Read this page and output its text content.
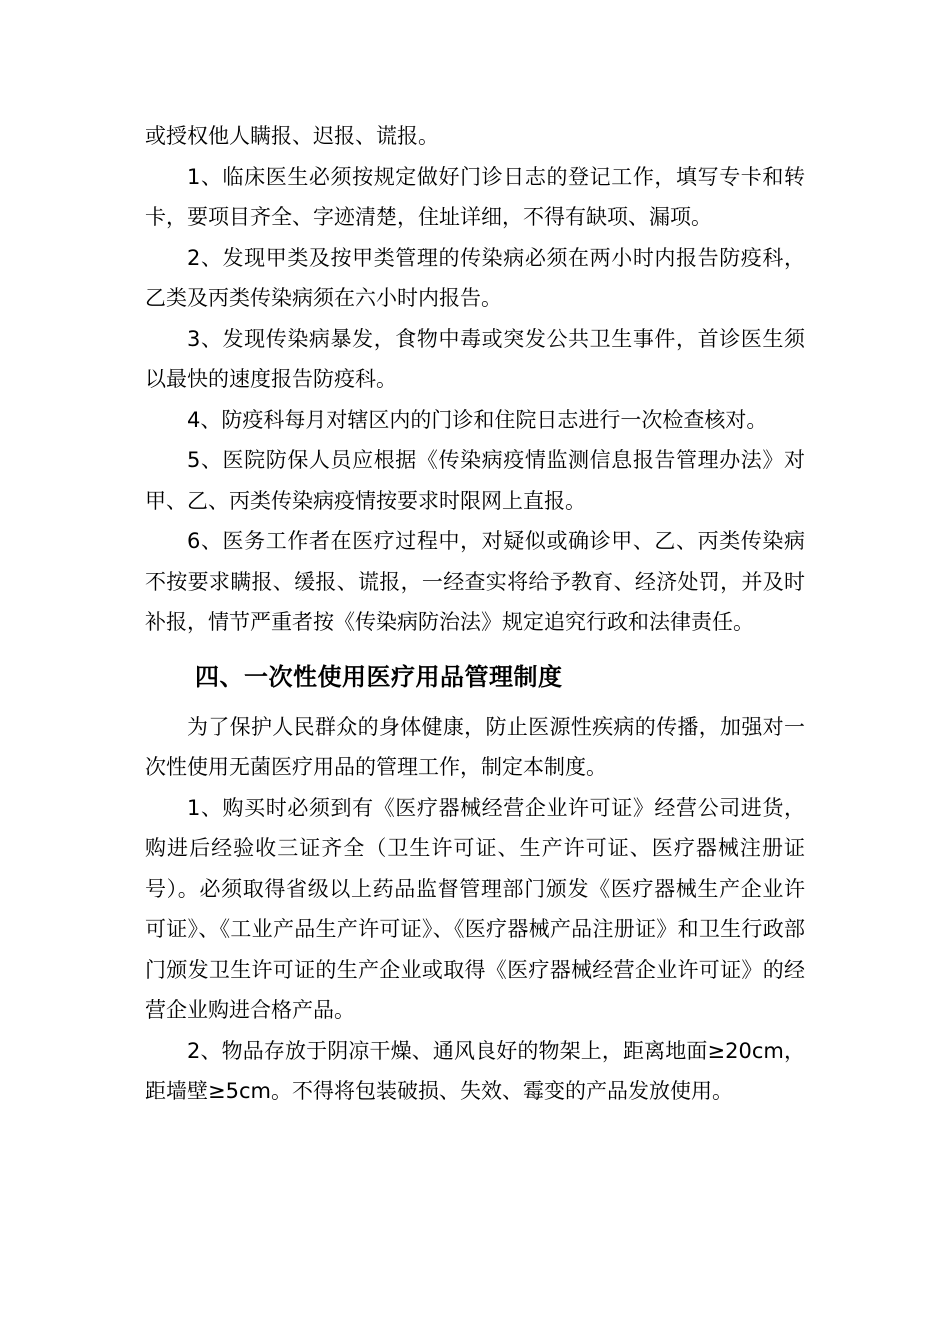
或授权他人瞒报、迟报、谎报。

1、临床医生必须按规定做好门诊日志的登记工作，填写专卡和转卡，要项目齐全、字迹清楚，住址详细，不得有缺项、漏项。

2、发现甲类及按甲类管理的传染病必须在两小时内报告防疫科，乙类及丙类传染病须在六小时内报告。

3、发现传染病暴发，食物中毒或突发公共卫生事件，首诊医生须以最快的速度报告防疫科。

4、防疫科每月对辖区内的门诊和住院日志进行一次检查核对。

5、医院防保人员应根据《传染病疫情监测信息报告管理办法》对甲、乙、丙类传染病疫情按要求时限网上直报。

6、医务工作者在医疗过程中，对疑似或确诊甲、乙、丙类传染病不按要求瞒报、缓报、谎报，一经查实将给予教育、经济处罚，并及时补报，情节严重者按《传染病防治法》规定追究行政和法律责任。

四、一次性使用医疗用品管理制度

为了保护人民群众的身体健康，防止医源性疾病的传播，加强对一次性使用无菌医疗用品的管理工作，制定本制度。

1、购买时必须到有《医疗器械经营企业许可证》经营公司进货，购进后经验收三证齐全（卫生许可证、生产许可证、医疗器械注册证号）。必须取得省级以上药品监督管理部门颁发《医疗器械生产企业许可证》、《工业产品生产许可证》、《医疗器械产品注册证》和卫生行政部门颁发卫生许可证的生产企业或取得《医疗器械经营企业许可证》的经营企业购进合格产品。

2、物品存放于阴凉干燥、通风良好的物架上，距离地面≥20cm，距墙壁≥5cm。不得将包装破损、失效、霉变的产品发放使用。
